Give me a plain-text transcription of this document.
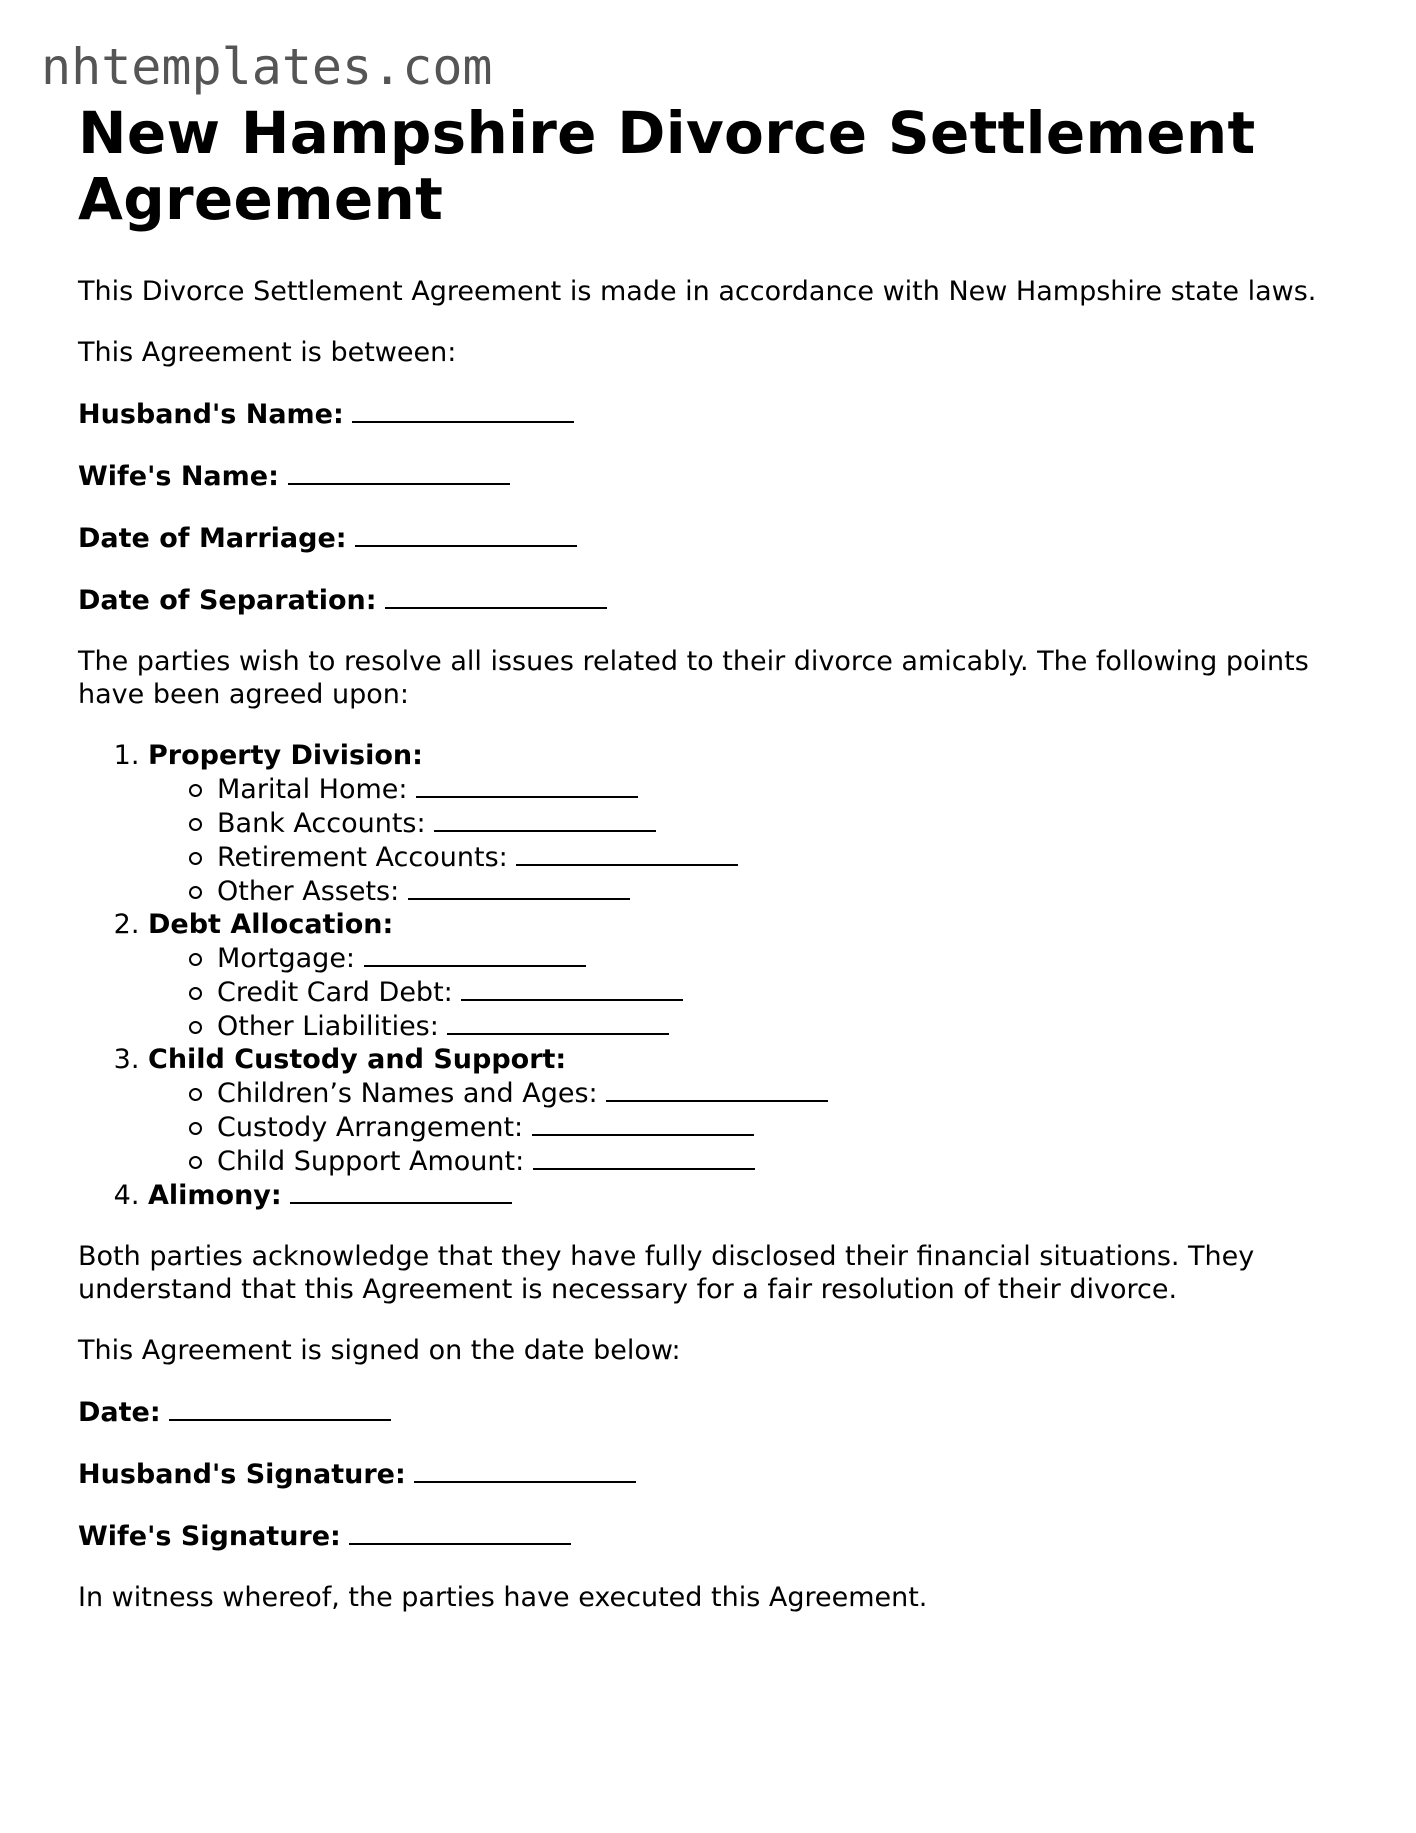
nhtemplates.com
New Hampshire Divorce Settlement Agreement

This Divorce Settlement Agreement is made in accordance with New Hampshire state laws.

This Agreement is between:

Husband's Name:

Wife's Name:

Date of Marriage:

Date of Separation:

The parties wish to resolve all issues related to their divorce amicably. The following points have been agreed upon:

1. Property Division:
Marital Home:
Bank Accounts:
Retirement Accounts:
Other Assets:
2. Debt Allocation:
Mortgage:
Credit Card Debt:
Other Liabilities:
3. Child Custody and Support:
Children’s Names and Ages:
Custody Arrangement:
Child Support Amount:
4. Alimony:

Both parties acknowledge that they have fully disclosed their financial situations. They understand that this Agreement is necessary for a fair resolution of their divorce.

This Agreement is signed on the date below:

Date:

Husband's Signature:

Wife's Signature:

In witness whereof, the parties have executed this Agreement.
